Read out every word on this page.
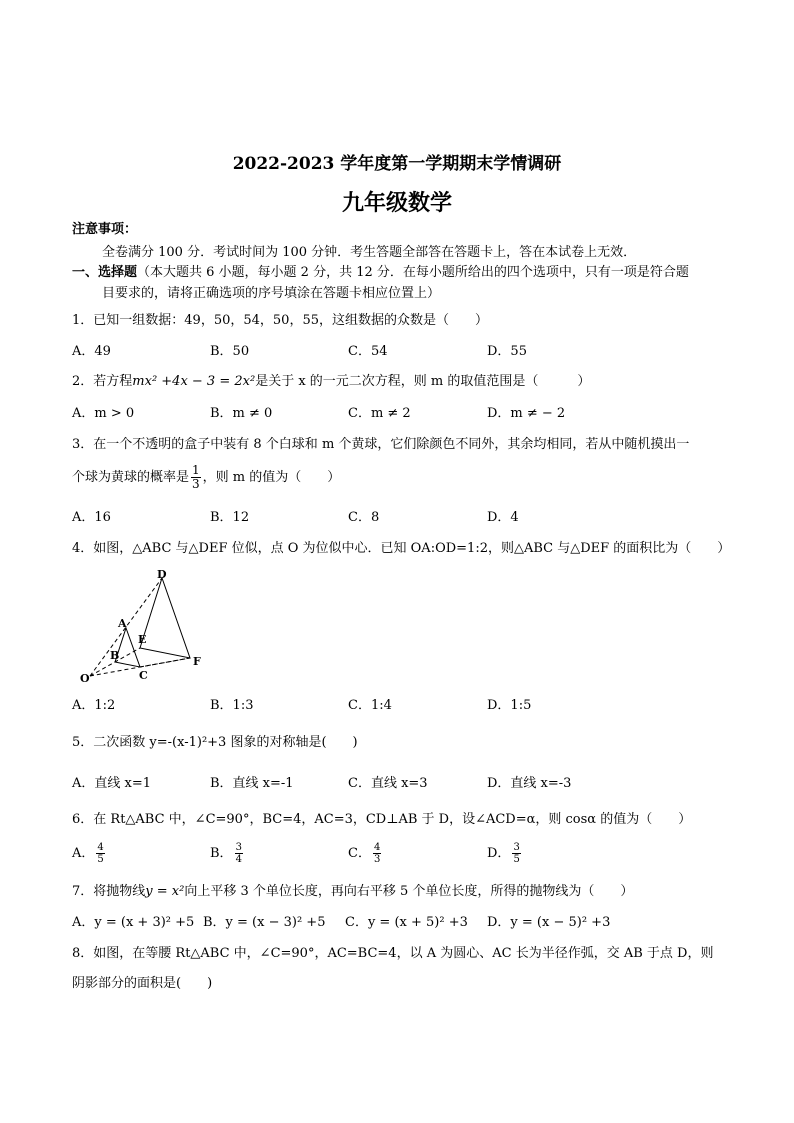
2022-2023 学年度第一学期期末学情调研
九年级数学
注意事项：
全卷满分 100 分．考试时间为 100 分钟．考生答题全部答在答题卡上，答在本试卷上无效．
一、选择题（本大题共 6 小题，每小题 2 分，共 12 分．在每小题所给出的四个选项中，只有一项是符合题
目要求的，请将正确选项的序号填涂在答题卡相应位置上）
1．已知一组数据：49，50，54，50，55，这组数据的众数是（　　）
A．49	B．50	C．54	D．55
2．若方程mx² +4x − 3 = 2x²是关于 x 的一元二次方程，则 m 的取值范围是（　　　）
A．m > 0	B．m ≠ 0	C．m ≠ 2	D．m ≠ − 2
3．在一个不透明的盒子中装有 8 个白球和 m 个黄球，它们除颜色不同外，其余均相同，若从中随机摸出一
个球为黄球的概率是 $\frac{1}{3}$ ，则 m 的值为（　　）
A．16	B．12	C．8	D．4
4．如图，△ABC 与△DEF 位似，点 O 为位似中心．已知 OA:OD=1:2，则△ABC 与△DEF 的面积比为（　　）
D
A
E
B	F
O	C
A．1:2	B．1:3	C．1:4	D．1:5
5．二次函数 y=-(x-1)²+3 图象的对称轴是(　　)
A．直线 x=1	B．直线 x=-1	C．直线 x=3	D．直线 x=-3
6．在 Rt△ABC 中，∠C=90°，BC=4，AC=3，CD⊥AB 于 D，设∠ACD=α，则 cosα 的值为（　　）
A． $\frac{4}{5}$	B． $\frac{3}{4}$	C． $\frac{4}{3}$	D． $\frac{3}{5}$
7．将抛物线y = x²向上平移 3 个单位长度，再向右平移 5 个单位长度，所得的抛物线为（　　）
A．y = (x + 3)² +5 B．y = (x − 3)² +5 C．y = (x + 5)² +3 D．y = (x − 5)² +3
8．如图，在等腰 Rt△ABC 中，∠C=90°，AC=BC=4，以 A 为圆心、AC 长为半径作弧，交 AB 于点 D，则
阴影部分的面积是(　　)
